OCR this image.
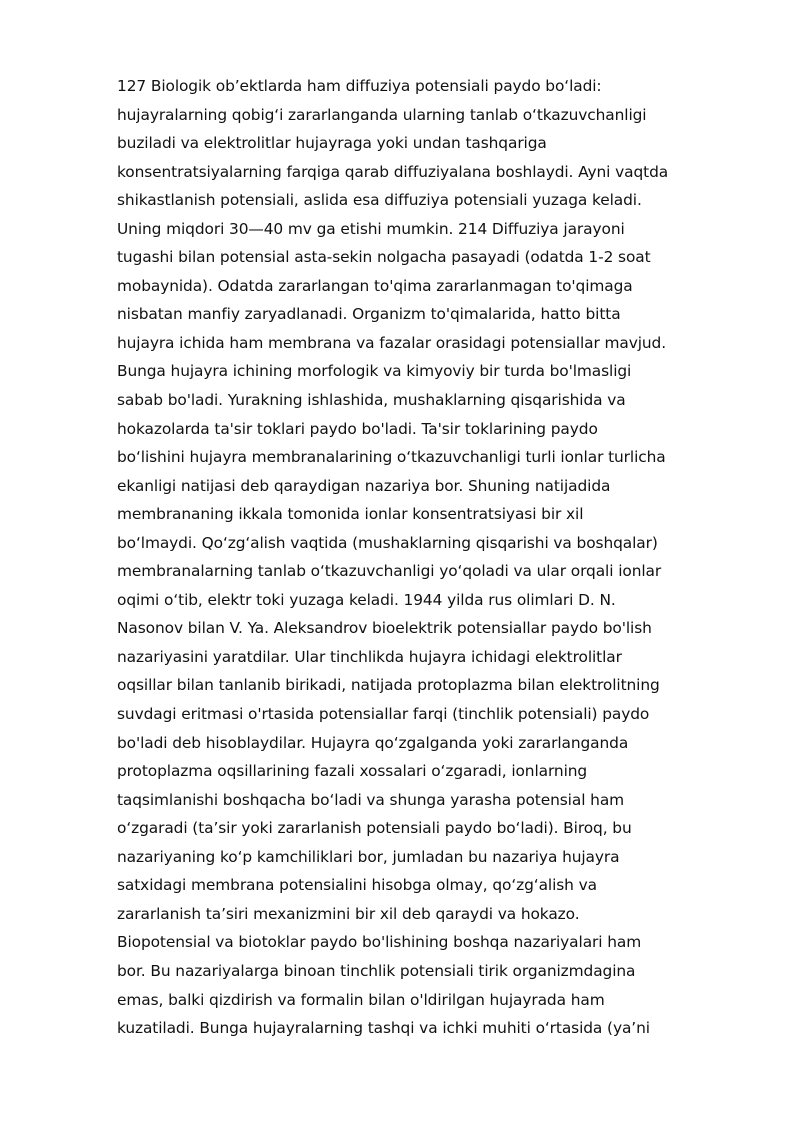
127 Biologik ob’ektlarda ham diffuziya potensiali paydo bo‘ladi:
hujayralarning qobig‘i zararlanganda ularning tanlab o‘tkazuvchanligi
buziladi va elektrolitlar hujayraga yoki undan tashqariga
konsentratsiyalarning farqiga qarab diffuziyalana boshlaydi. Ayni vaqtda
shikastlanish potensiali, aslida esa diffuziya potensiali yuzaga keladi.
Uning miqdori 30—40 mv ga etishi mumkin. 214 Diffuziya jarayoni
tugashi bilan potensial asta-sekin nolgacha pasayadi (odatda 1-2 soat
mobaynida). Odatda zararlangan to'qima zararlanmagan to'qimaga
nisbatan manfiy zaryadlanadi. Organizm to'qimalarida, hatto bitta
hujayra ichida ham membrana va fazalar orasidagi potensiallar mavjud.
Bunga hujayra ichining morfologik va kimyoviy bir turda bo'lmasligi
sabab bo'ladi. Yurakning ishlashida, mushaklarning qisqarishida va
hokazolarda ta'sir toklari paydo bo'ladi. Ta'sir toklarining paydo
bo‘lishini hujayra membranalarining o‘tkazuvchanligi turli ionlar turlicha
ekanligi natijasi deb qaraydigan nazariya bor. Shuning natijadida
membrananing ikkala tomonida ionlar konsentratsiyasi bir xil
bo‘lmaydi. Qo‘zg‘alish vaqtida (mushaklarning qisqarishi va boshqalar)
membranalarning tanlab o‘tkazuvchanligi yo‘qoladi va ular orqali ionlar
oqimi o‘tib, elektr toki yuzaga keladi. 1944 yilda rus olimlari D. N.
Nasonov bilan V. Ya. Aleksandrov bioelektrik potensiallar paydo bo'lish
nazariyasini yaratdilar. Ular tinchlikda hujayra ichidagi elektrolitlar
oqsillar bilan tanlanib birikadi, natijada protoplazma bilan elektrolitning
suvdagi eritmasi o'rtasida potensiallar farqi (tinchlik potensiali) paydo
bo'ladi deb hisoblaydilar. Hujayra qo‘zgalganda yoki zararlanganda
protoplazma oqsillarining fazali xossalari o‘zgaradi, ionlarning
taqsimlanishi boshqacha bo‘ladi va shunga yarasha potensial ham
o‘zgaradi (ta’sir yoki zararlanish potensiali paydo bo‘ladi). Biroq, bu
nazariyaning ko‘p kamchiliklari bor, jumladan bu nazariya hujayra
satxidagi membrana potensialini hisobga olmay, qo‘zg‘alish va
zararlanish ta’siri mexanizmini bir xil deb qaraydi va hokazo.
Biopotensial va biotoklar paydo bo'lishining boshqa nazariyalari ham
bor. Bu nazariyalarga binoan tinchlik potensiali tirik organizmdagina
emas, balki qizdirish va formalin bilan o'ldirilgan hujayrada ham
kuzatiladi. Bunga hujayralarning tashqi va ichki muhiti o‘rtasida (ya’ni
